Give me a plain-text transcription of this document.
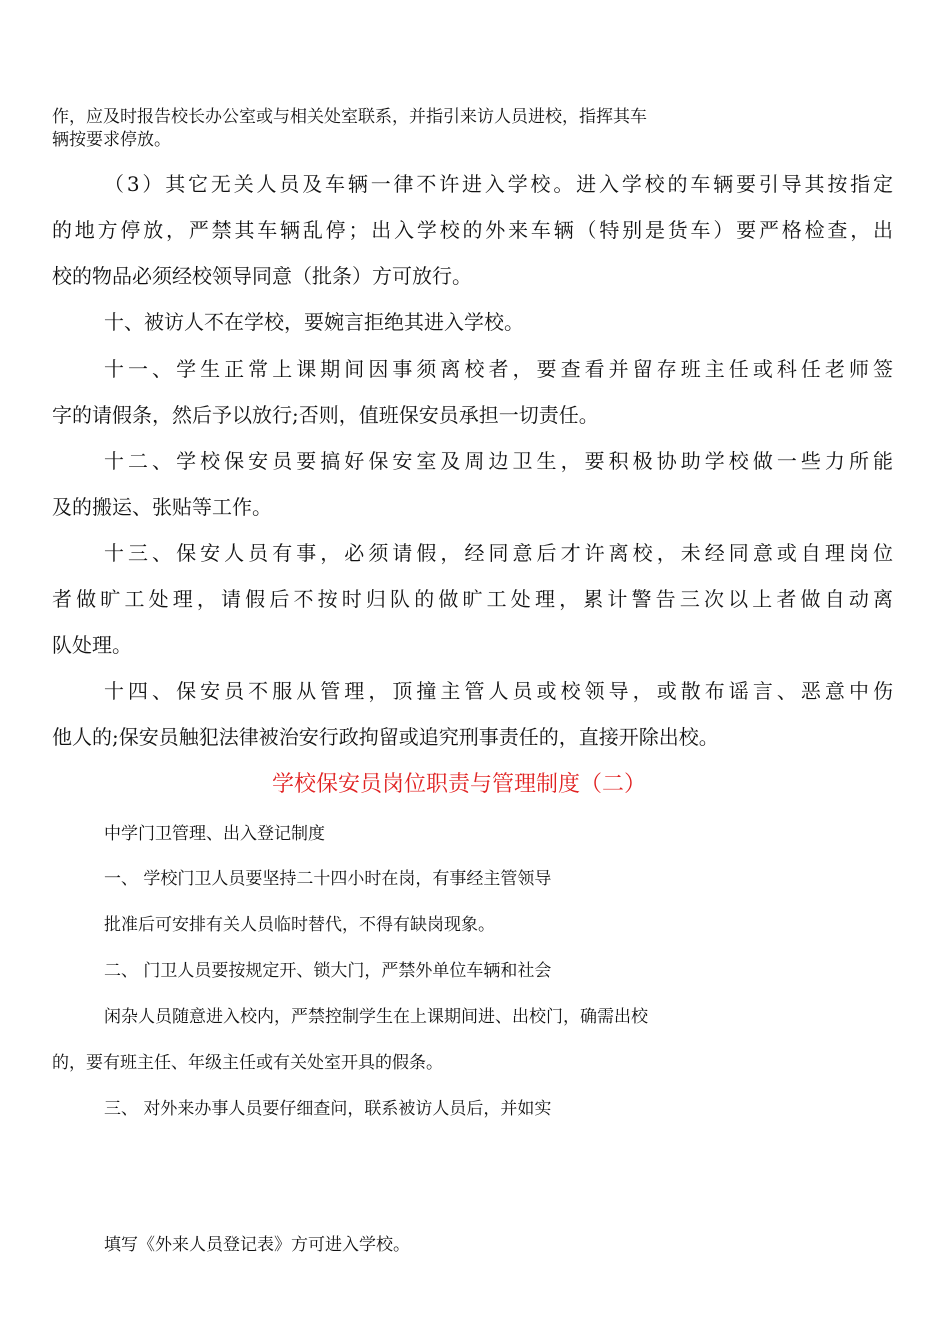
作，应及时报告校长办公室或与相关处室联系，并指引来访人员进校，指挥其车
辆按要求停放。
（3）其它无关人员及车辆一律不许进入学校。进入学校的车辆要引导其按指定
的地方停放，严禁其车辆乱停；出入学校的外来车辆（特别是货车）要严格检查，出
校的物品必须经校领导同意（批条）方可放行。
十、被访人不在学校，要婉言拒绝其进入学校。
十一、学生正常上课期间因事须离校者，要查看并留存班主任或科任老师签
字的请假条，然后予以放行;否则，值班保安员承担一切责任。
十二、学校保安员要搞好保安室及周边卫生，要积极协助学校做一些力所能
及的搬运、张贴等工作。
十三、保安人员有事，必须请假，经同意后才许离校，未经同意或自理岗位
者做旷工处理，请假后不按时归队的做旷工处理，累计警告三次以上者做自动离
队处理。
十四、保安员不服从管理，顶撞主管人员或校领导，或散布谣言、恶意中伤
他人的;保安员触犯法律被治安行政拘留或追究刑事责任的，直接开除出校。
学校保安员岗位职责与管理制度（二）
中学门卫管理、出入登记制度
一、 学校门卫人员要坚持二十四小时在岗，有事经主管领导
批准后可安排有关人员临时替代，不得有缺岗现象。
二、 门卫人员要按规定开、锁大门，严禁外单位车辆和社会
闲杂人员随意进入校内，严禁控制学生在上课期间进、出校门，确需出校
的，要有班主任、年级主任或有关处室开具的假条。
三、 对外来办事人员要仔细查问，联系被访人员后，并如实
填写《外来人员登记表》方可进入学校。
